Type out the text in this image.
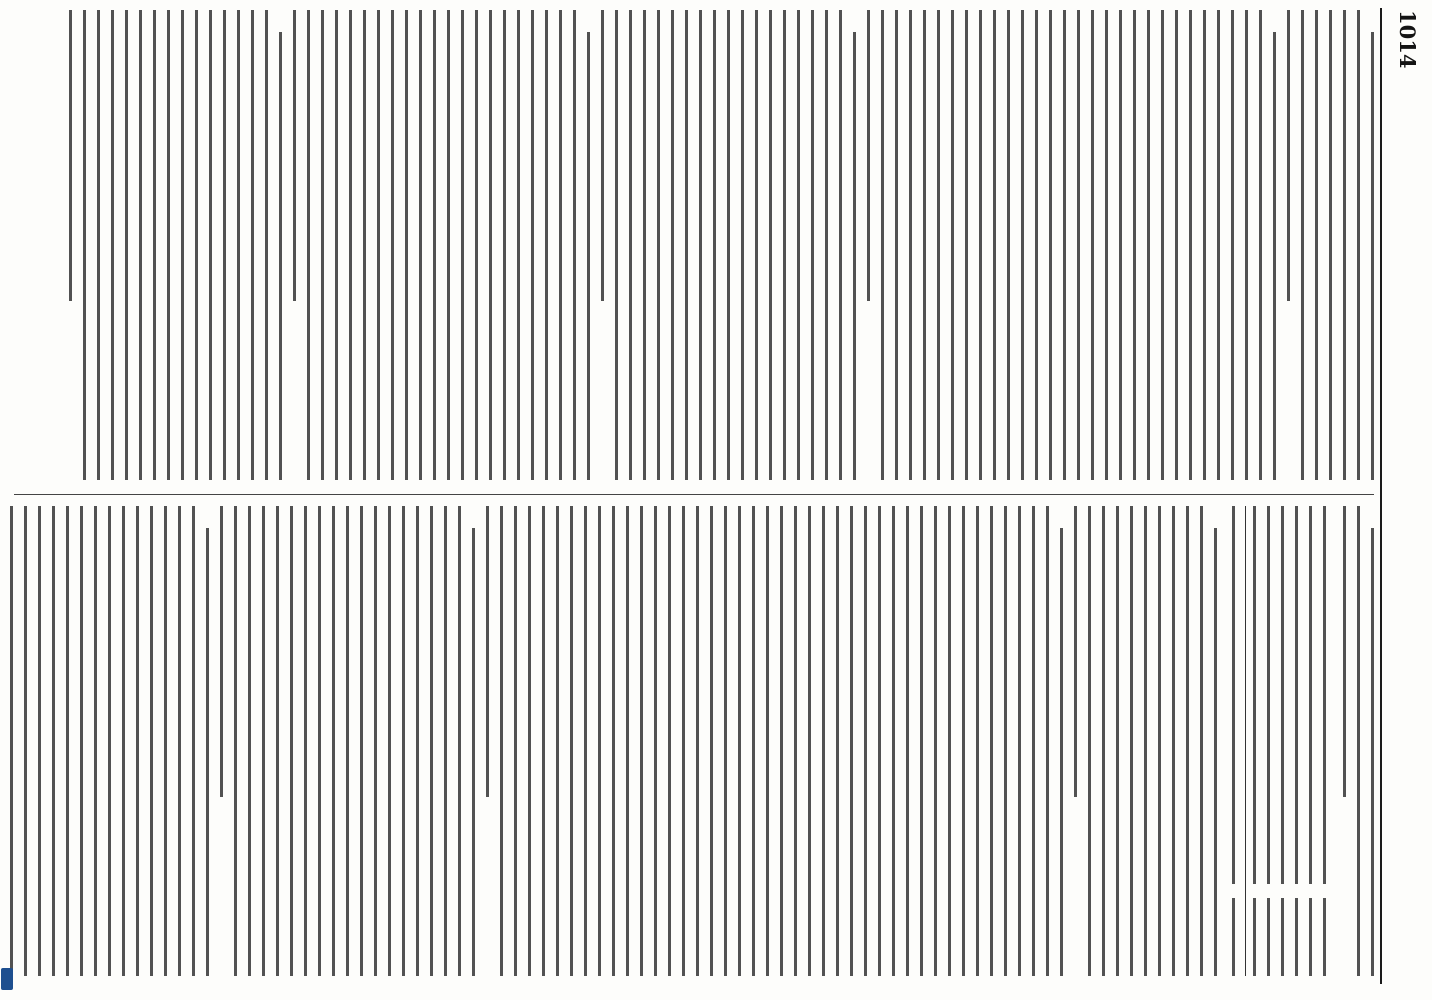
1014
